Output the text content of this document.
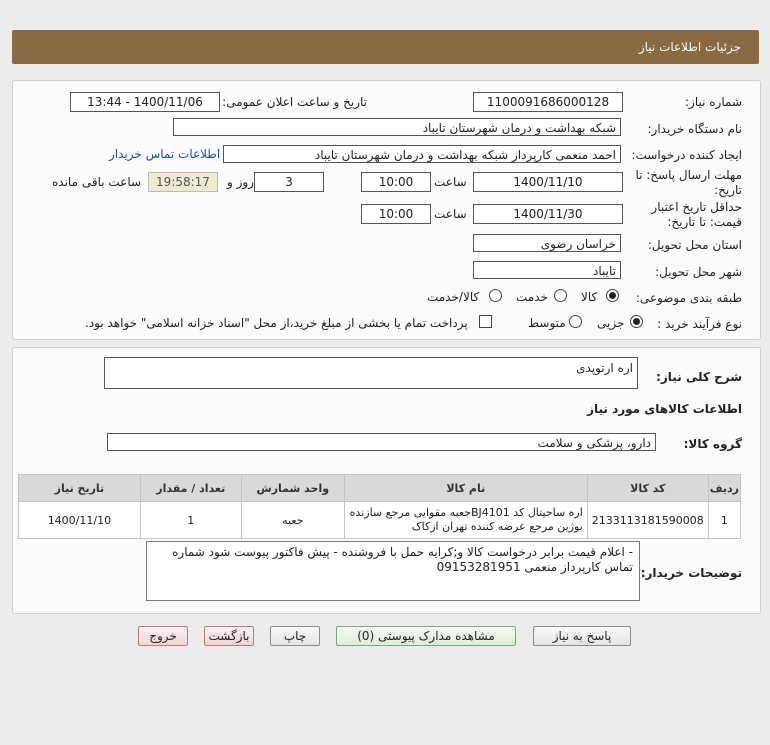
جزئیات اطلاعات نیاز
شماره نیاز:
1100091686000128
تاریخ و ساعت اعلان عمومی:
1400/11/06 - 13:44
نام دستگاه خریدار:
شبکه بهداشت و درمان شهرستان تایباد
ایجاد کننده درخواست:
احمد منعمی کارپرداز شبکه بهداشت و درمان شهرستان تایباد
اطلاعات تماس خریدار
مهلت ارسال پاسخ: تا
تاریخ:
1400/11/10
ساعت
10:00
3
روز و
19:58:17
ساعت باقی مانده
حداقل تاریخ اعتبار
قیمت: تا تاریخ:
1400/11/30
ساعت
10:00
استان محل تحویل:
خراسان رضوی
شهر محل تحویل:
تایباد
طبقه بندی موضوعی:
کالا
خدمت
کالا/خدمت
نوع فرآیند خرید :
جزیی
متوسط
پرداخت تمام یا بخشی از مبلغ خرید،از محل "اسناد خزانه اسلامی" خواهد بود.
شرح کلی نیاز:
اره ارتوپدی
اطلاعات کالاهای مورد نیاز
گروه کالا:
دارو، پزشکی و سلامت
ردیف	کد کالا	نام کالا	واحد شمارش	تعداد / مقدار	تاریخ نیاز
1	2133113181590008	اره ساجیتال کد BJ4101جعبه مقوایی مرجع سازنده بوژین مرجع عرضه کننده تهران ازکاک	جعبه	1	1400/11/10
توضیحات خریدار:
- اعلام قیمت برابر درخواست کالا و;کرایه حمل با فروشنده - پیش فاکتور پیوست شود شماره تماس کارپرداز منعمی 09153281951
پاسخ به نیاز
مشاهده مدارک پیوستی (0)
چاپ
بازگشت
خروج
